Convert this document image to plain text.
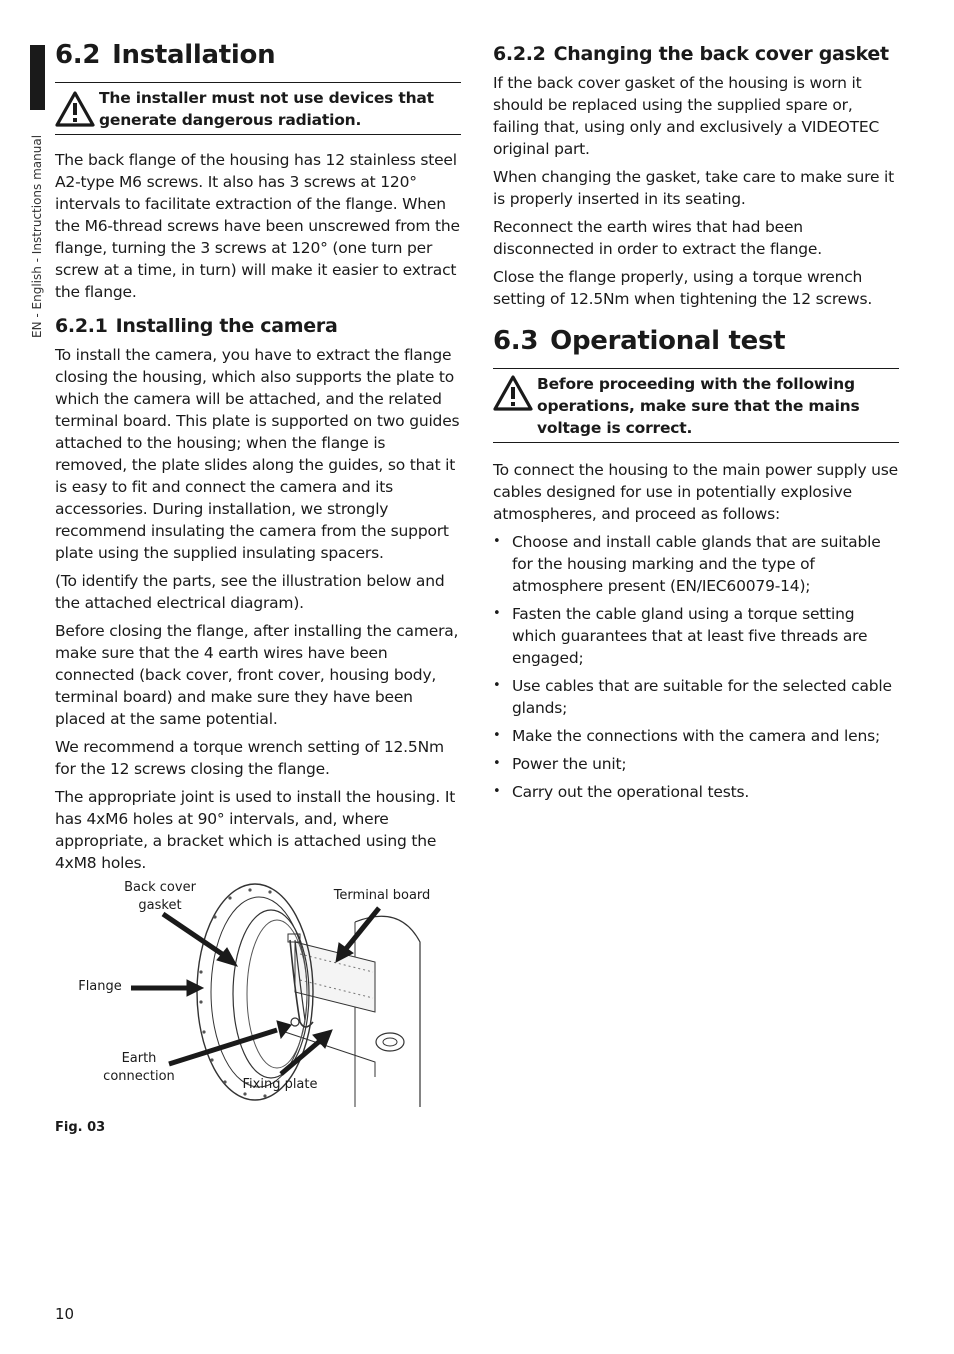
EN - English - Instructions manual
6.2 Installation
The installer must not use devices that generate dangerous radiation.

The back flange of the housing has 12 stainless steel A2-type M6 screws. It also has 3 screws at 120° intervals to facilitate extraction of the flange. When the M6-thread screws have been unscrewed from the flange, turning the 3 screws at 120° (one turn per screw at a time, in turn) will make it easier to extract the flange.

6.2.1 Installing the camera

To install the camera, you have to extract the flange closing the housing, which also supports the plate to which the camera will be attached, and the related terminal board. This plate is supported on two guides attached to the housing; when the flange is removed, the plate slides along the guides, so that it is easy to fit and connect the camera and its accessories. During installation, we strongly recommend insulating the camera from the support plate using the supplied insulating spacers.

(To identify the parts, see the illustration below and the attached electrical diagram).

Before closing the flange, after installing the camera, make sure that the 4 earth wires have been connected (back cover, front cover, housing body, terminal board) and make sure they have been placed at the same potential.

We recommend a torque wrench setting of 12.5Nm for the 12 screws closing the flange.

The appropriate joint is used to install the housing. It has 4xM6 holes at 90° intervals, and, where appropriate, a bracket which is attached using the 4xM8 holes.

Back cover gasket
Terminal board
Flange
Earth connection
Fixing plate
Fig. 03
6.2.2 Changing the back cover gasket

If the back cover gasket of the housing is worn it should be replaced using the supplied spare or, failing that, using only and exclusively a VIDEOTEC original part.

When changing the gasket, take care to make sure it is properly inserted in its seating.

Reconnect the earth wires that had been disconnected in order to extract the flange.

Close the flange properly, using a torque wrench setting of 12.5Nm when tightening the 12 screws.

6.3 Operational test
Before proceeding with the following operations, make sure that the mains voltage is correct.

To connect the housing to the main power supply use cables designed for use in potentially explosive atmospheres, and proceed as follows:

• Choose and install cable glands that are suitable for the housing marking and the type of atmosphere present (EN/IEC60079-14);
• Fasten the cable gland using a torque setting which guarantees that at least five threads are engaged;
• Use cables that are suitable for the selected cable glands;
• Make the connections with the camera and lens;
• Power the unit;
• Carry out the operational tests.
10
